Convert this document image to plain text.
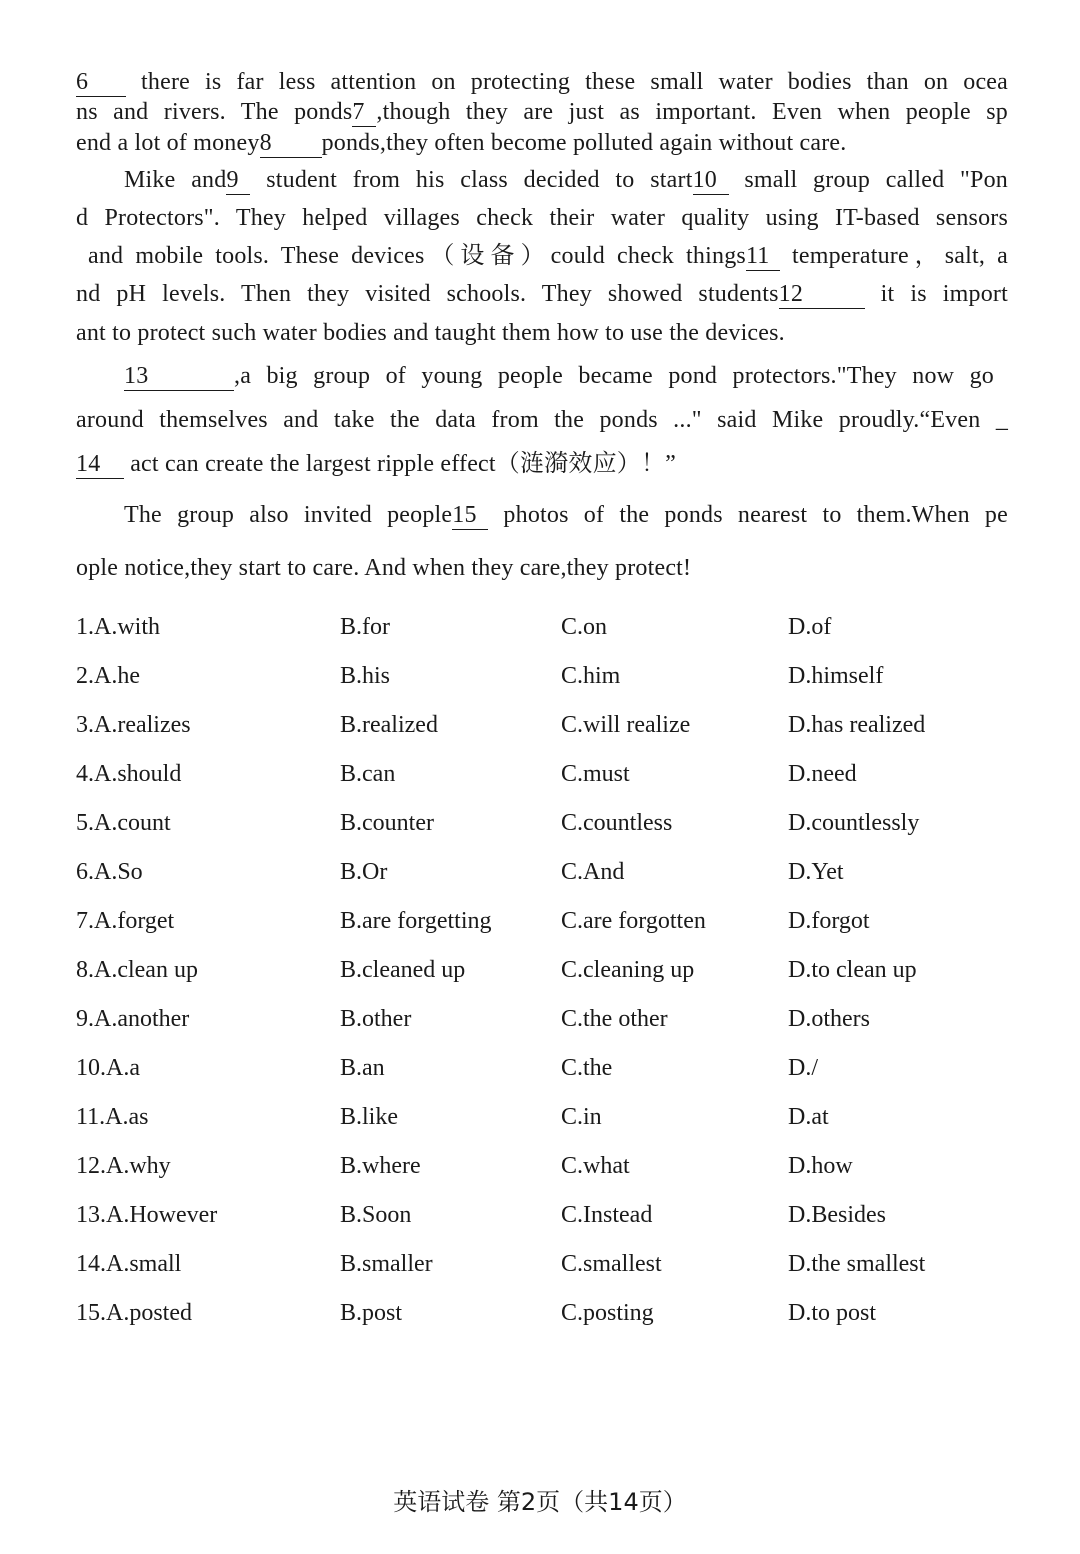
6 there is far less attention on protecting these small water bodies than on ocea
ns and rivers. The ponds7 ,though they are just as important. Even when people sp
end a lot of money8 ponds,they often become polluted again without care.
Mike and9 student from his class decided to start10 small group called "Pon
d Protectors". They helped villages check their water quality using IT-based sensors
and mobile tools. These devices（设备）could check things11 temperature，salt, a
nd pH levels. Then they visited schools. They showed students12	it is import
ant to protect such water bodies and taught them how to use the devices.
13	,a big group of young people became pond protectors."They now go
around themselves and take the data from the ponds ..." said Mike proudly.“Even _
14 act can create the largest ripple effect（涟漪效应）！”
The group also invited people15 photos of the ponds nearest to them.When pe
ople notice,they start to care. And when they care,they protect!
1.A.with	B.for	C.on	D.of
2.A.he	B.his	C.him	D.himself
3.A.realizes	B.realized	C.will realize	D.has realized
4.A.should	B.can	C.must	D.need
5.A.count	B.counter	C.countless	D.countlessly
6.A.So	B.Or	C.And	D.Yet
7.A.forget	B.are forgetting	C.are forgotten	D.forgot
8.A.clean up	B.cleaned up	C.cleaning up	D.to clean up
9.A.another	B.other	C.the other	D.others
10.A.a	B.an	C.the	D./
11.A.as	B.like	C.in	D.at
12.A.why	B.where	C.what	D.how
13.A.However	B.Soon	C.Instead	D.Besides
14.A.small	B.smaller	C.smallest	D.the smallest
15.A.posted	B.post	C.posting	D.to post
英语试卷 第2页（共14页）
